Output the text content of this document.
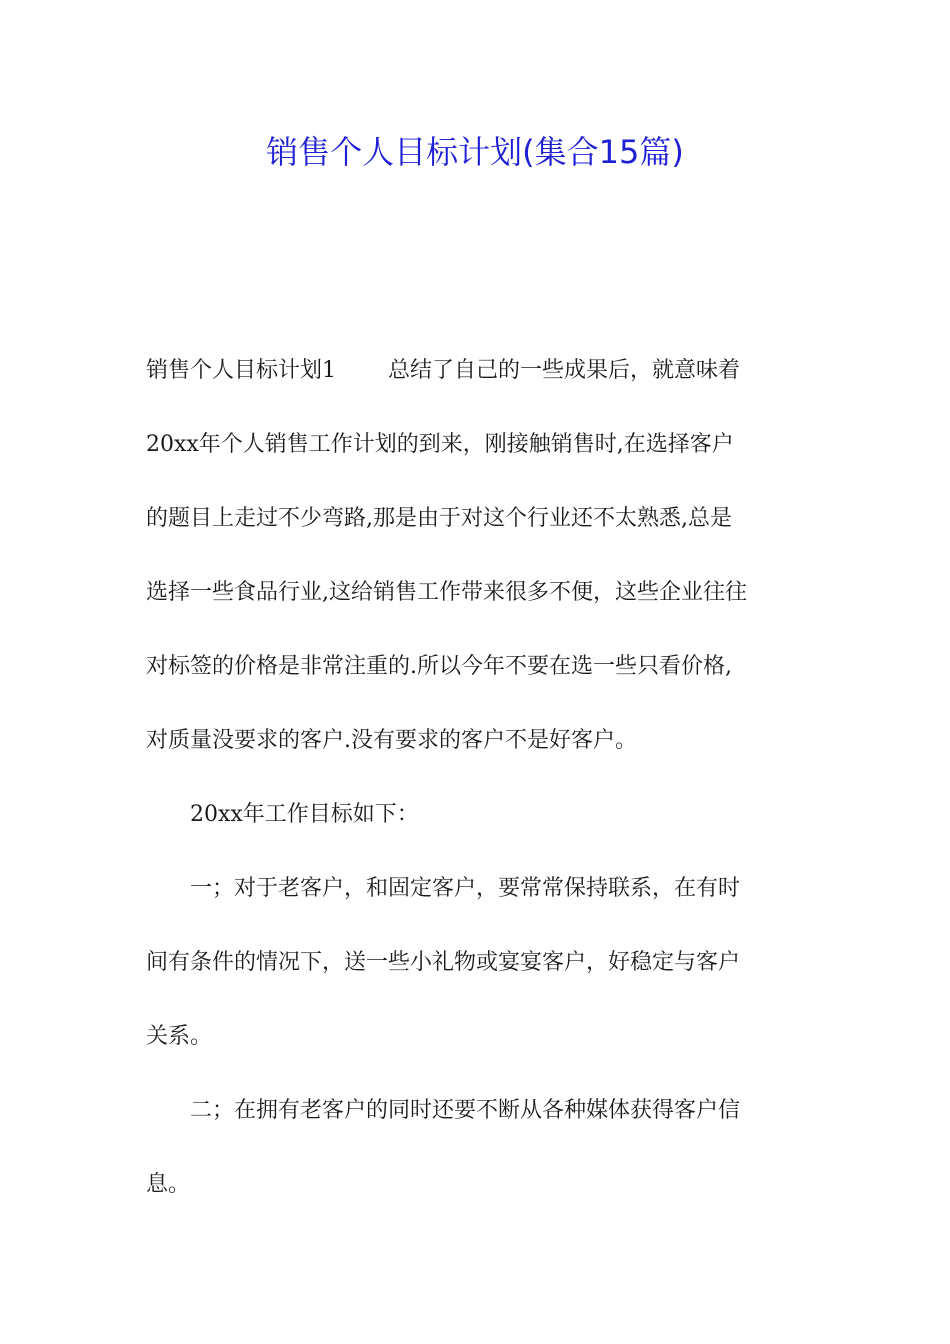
销售个人目标计划(集合15篇)
销售个人目标计划1 总结了自己的一些成果后，就意味着
20xx年个人销售工作计划的到来，刚接触销售时,在选择客户
的题目上走过不少弯路,那是由于对这个行业还不太熟悉,总是
选择一些食品行业,这给销售工作带来很多不便，这些企业往往
对标签的价格是非常注重的.所以今年不要在选一些只看价格,
对质量没要求的客户.没有要求的客户不是好客户。
20xx年工作目标如下：
一；对于老客户，和固定客户，要常常保持联系，在有时
间有条件的情况下，送一些小礼物或宴宴客户，好稳定与客户
关系。
二；在拥有老客户的同时还要不断从各种媒体获得客户信
息。
